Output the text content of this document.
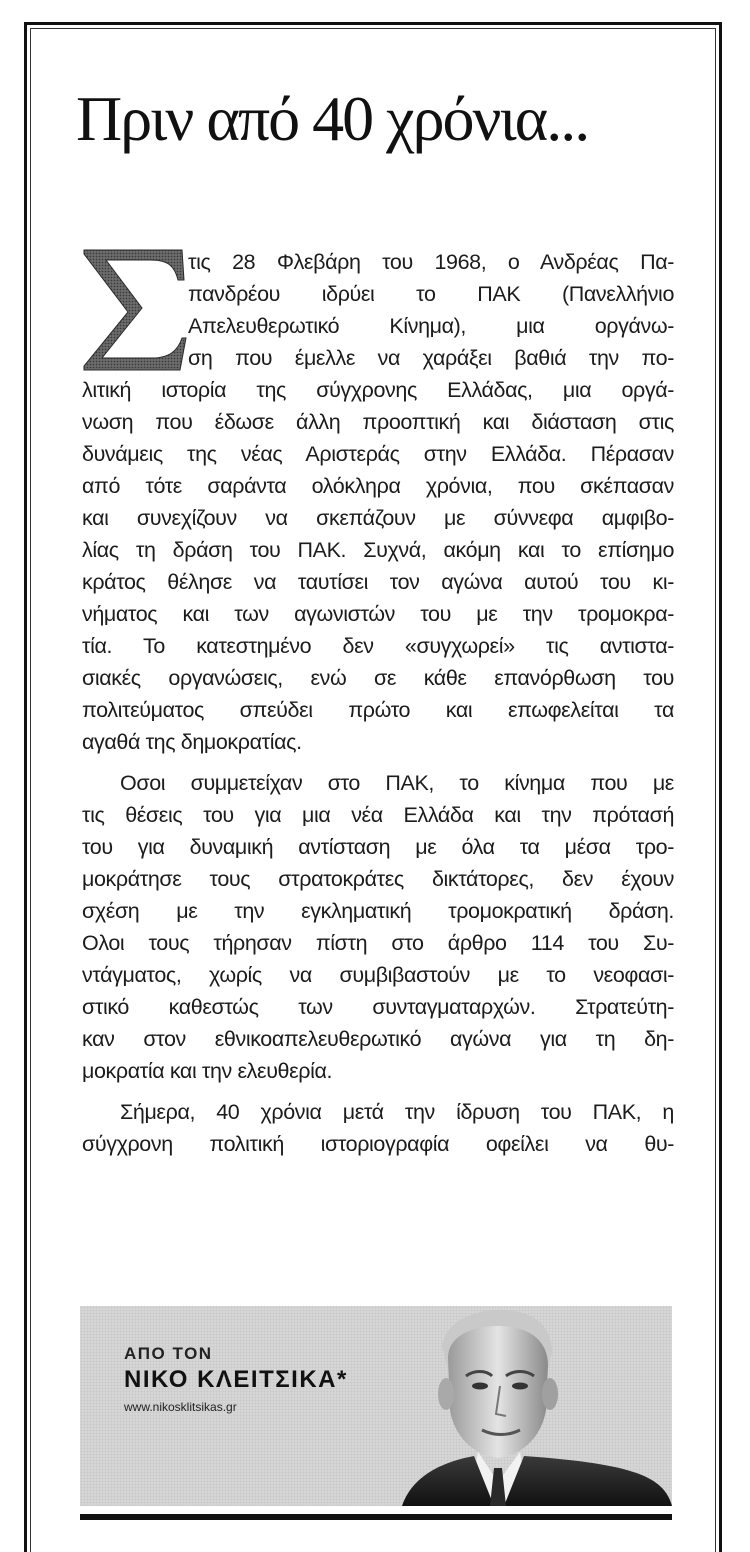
Πριν από 40 χρόνια...
τις 28 Φλεβάρη του 1968, ο Ανδρέας Πα-
πανδρέου ιδρύει το ΠΑΚ (Πανελλήνιο
Απελευθερωτικό Κίνημα), μια οργάνω-
ση που έμελλε να χαράξει βαθιά την πο-
λιτική ιστορία της σύγχρονης Ελλάδας, μια οργά-
νωση που έδωσε άλλη προοπτική και διάσταση στις
δυνάμεις της νέας Αριστεράς στην Ελλάδα. Πέρασαν
από τότε σαράντα ολόκληρα χρόνια, που σκέπασαν
και συνεχίζουν να σκεπάζουν με σύννεφα αμφιβο-
λίας τη δράση του ΠΑΚ. Συχνά, ακόμη και το επίσημο
κράτος θέλησε να ταυτίσει τον αγώνα αυτού του κι-
νήματος και των αγωνιστών του με την τρομοκρα-
τία. Το κατεστημένο δεν «συγχωρεί» τις αντιστα-
σιακές οργανώσεις, ενώ σε κάθε επανόρθωση του
πολιτεύματος σπεύδει πρώτο και επωφελείται τα
αγαθά της δημοκρατίας.
Οσοι συμμετείχαν στο ΠΑΚ, το κίνημα που με
τις θέσεις του για μια νέα Ελλάδα και την πρότασή
του για δυναμική αντίσταση με όλα τα μέσα τρο-
μοκράτησε τους στρατοκράτες δικτάτορες, δεν έχουν
σχέση με την εγκληματική τρομοκρατική δράση.
Ολοι τους τήρησαν πίστη στο άρθρο 114 του Συ-
ντάγματος, χωρίς να συμβιβαστούν με το νεοφασι-
στικό καθεστώς των συνταγματαρχών. Στρατεύτη-
καν στον εθνικοαπελευθερωτικό αγώνα για τη δη-
μοκρατία και την ελευθερία.
Σήμερα, 40 χρόνια μετά την ίδρυση του ΠΑΚ, η
σύγχρονη πολιτική ιστοριογραφία οφείλει να θυ-
ΑΠΟ ΤΟΝ
ΝΙΚΟ ΚΛΕΙΤΣΙΚΑ*
www.nikosklitsikas.gr
